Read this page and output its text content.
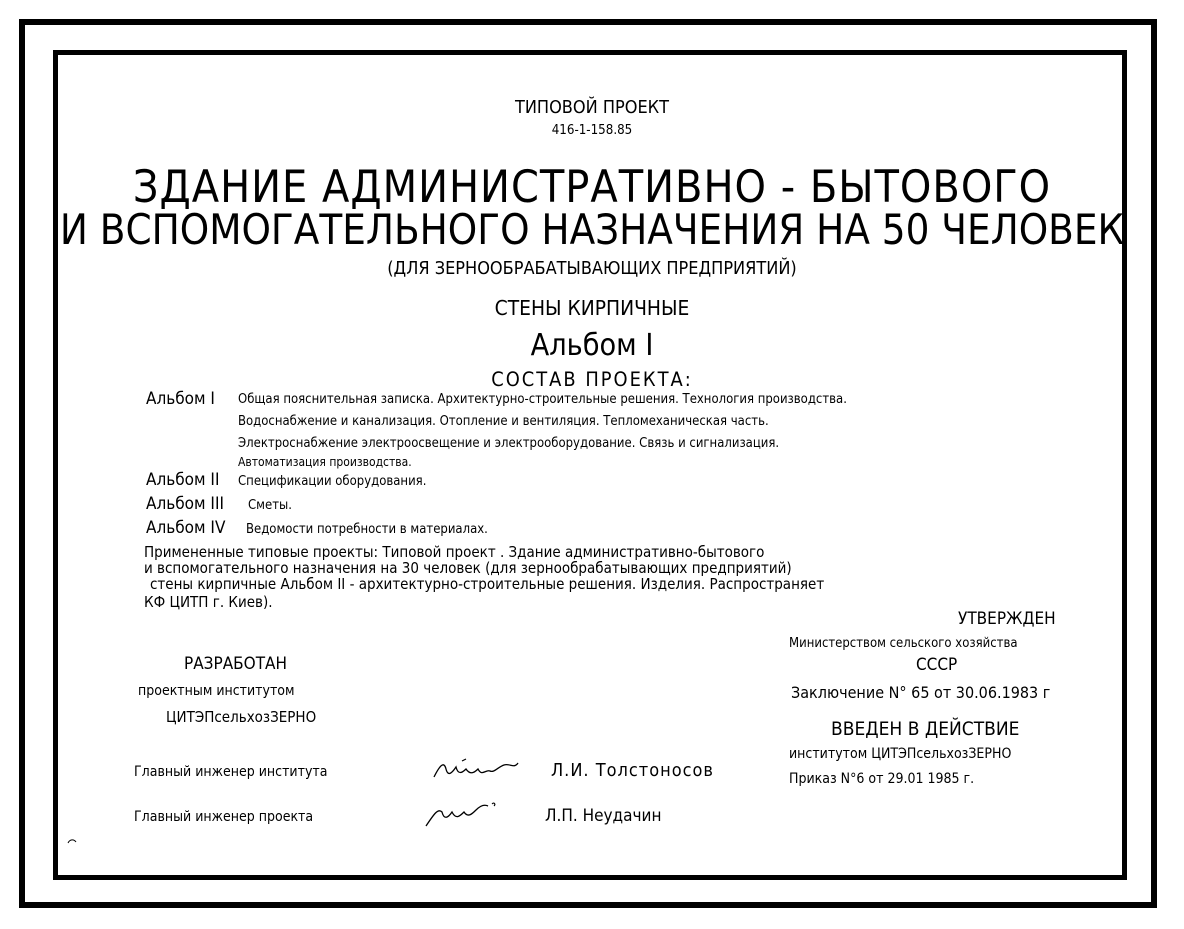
ТИПОВОЙ ПРОЕКТ
416-1-158.85
ЗДАНИЕ АДМИНИСТРАТИВНО - БЫТОВОГО
И ВСПОМОГАТЕЛЬНОГО НАЗНАЧЕНИЯ НА 50 ЧЕЛОВЕК
(ДЛЯ ЗЕРНООБРАБАТЫВАЮЩИХ ПРЕДПРИЯТИЙ)
СТЕНЫ КИРПИЧНЫЕ
Альбом I
СОСТАВ ПРОЕКТА:
Альбом I Общая пояснительная записка. Архитектурно-строительные решения. Технология производства.
Водоснабжение и канализация. Отопление и вентиляция. Тепломеханическая часть.
Электроснабжение электроосвещение и электрооборудование. Связь и сигнализация.
Автоматизация производства.
Альбом II Спецификации оборудования.
Альбом III Сметы.
Альбом IV Ведомости потребности в материалах.
Примененные типовые проекты: Типовой проект . Здание административно-бытового
и вспомогательного назначения на 30 человек (для зернообрабатывающих предприятий)
стены кирпичные Альбом II - архитектурно-строительные решения. Изделия. Распространяет
КФ ЦИТП г. Киев).
УТВЕРЖДЕН
Министерством сельского хозяйства
СССР
Заключение N° 65 от 30.06.1983 г
ВВЕДЕН В ДЕЙСТВИЕ
институтом ЦИТЭПсельхозЗЕРНО
Приказ N°6 от 29.01 1985 г.
РАЗРАБОТАН
проектным институтом
ЦИТЭПсельхозЗЕРНО
Главный инженер института	Л.И. Толстоносов
Главный инженер проекта	Л.П. Неудачин
